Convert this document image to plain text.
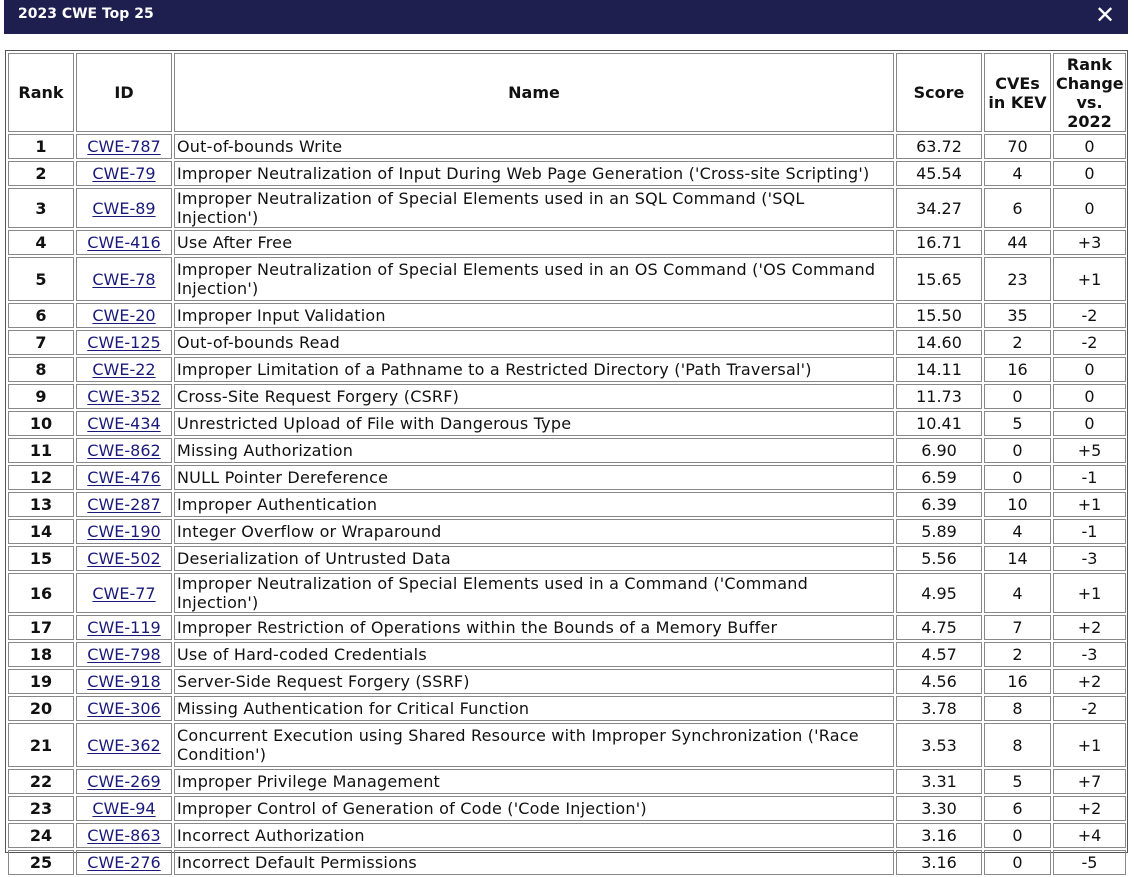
2023 CWE Top 25	✕
Rank	ID	Name	Score	CVEs in KEV	Rank Change vs. 2022
1	CWE-787	Out-of-bounds Write	63.72	70	0
2	CWE-79	Improper Neutralization of Input During Web Page Generation ('Cross-site Scripting')	45.54	4	0
3	CWE-89	Improper Neutralization of Special Elements used in an SQL Command ('SQL Injection')	34.27	6	0
4	CWE-416	Use After Free	16.71	44	+3
5	CWE-78	Improper Neutralization of Special Elements used in an OS Command ('OS Command Injection')	15.65	23	+1
6	CWE-20	Improper Input Validation	15.50	35	-2
7	CWE-125	Out-of-bounds Read	14.60	2	-2
8	CWE-22	Improper Limitation of a Pathname to a Restricted Directory ('Path Traversal')	14.11	16	0
9	CWE-352	Cross-Site Request Forgery (CSRF)	11.73	0	0
10	CWE-434	Unrestricted Upload of File with Dangerous Type	10.41	5	0
11	CWE-862	Missing Authorization	6.90	0	+5
12	CWE-476	NULL Pointer Dereference	6.59	0	-1
13	CWE-287	Improper Authentication	6.39	10	+1
14	CWE-190	Integer Overflow or Wraparound	5.89	4	-1
15	CWE-502	Deserialization of Untrusted Data	5.56	14	-3
16	CWE-77	Improper Neutralization of Special Elements used in a Command ('Command Injection')	4.95	4	+1
17	CWE-119	Improper Restriction of Operations within the Bounds of a Memory Buffer	4.75	7	+2
18	CWE-798	Use of Hard-coded Credentials	4.57	2	-3
19	CWE-918	Server-Side Request Forgery (SSRF)	4.56	16	+2
20	CWE-306	Missing Authentication for Critical Function	3.78	8	-2
21	CWE-362	Concurrent Execution using Shared Resource with Improper Synchronization ('Race Condition')	3.53	8	+1
22	CWE-269	Improper Privilege Management	3.31	5	+7
23	CWE-94	Improper Control of Generation of Code ('Code Injection')	3.30	6	+2
24	CWE-863	Incorrect Authorization	3.16	0	+4
25	CWE-276	Incorrect Default Permissions	3.16	0	-5
